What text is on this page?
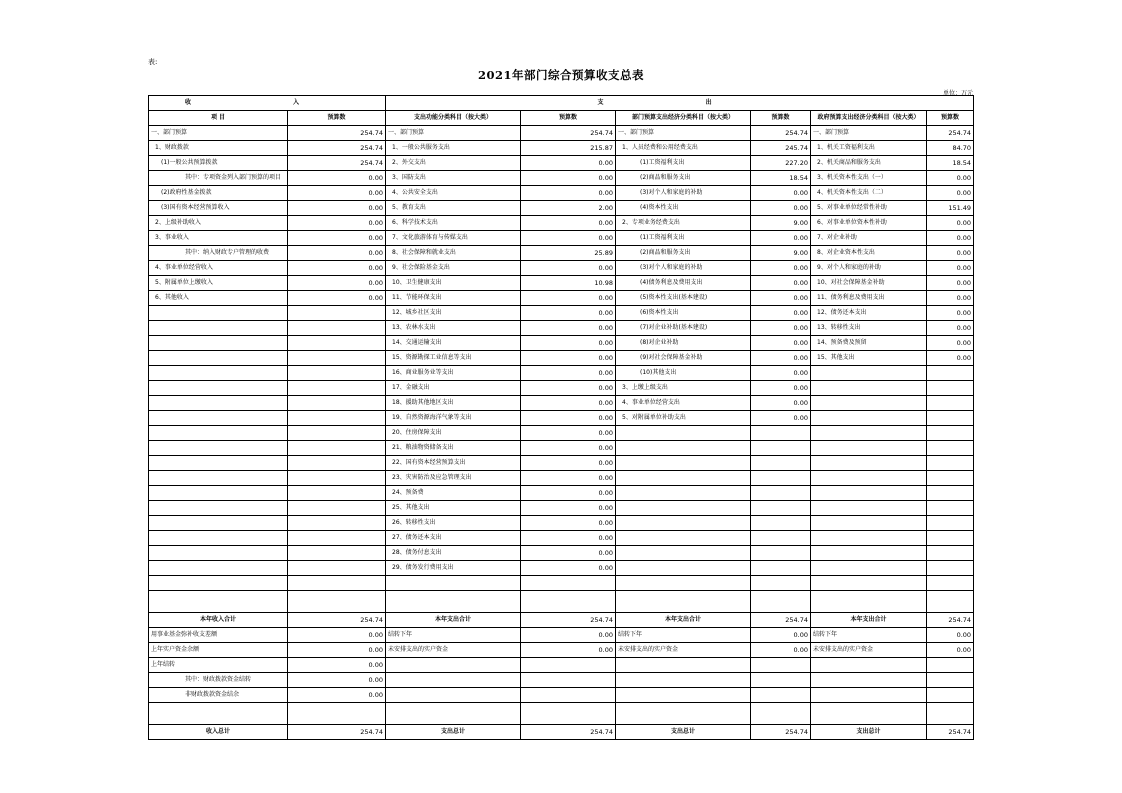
表:
2021年部门综合预算收支总表
单位：万元
收 入		支 出					
项 目	预算数	支出功能分类科目（按大类）	预算数	部门预算支出经济分类科目（按大类）	预算数	政府预算支出经济分类科目（按大类）	预算数
一、部门预算	254.74	一、部门预算	254.74	一、部门预算	254.74	一、部门预算	254.74
1、财政拨款	254.74	1、一般公共服务支出	215.87	1、人员经费和公用经费支出	245.74	1、机关工资福利支出	84.70
(1)一般公共预算拨款	254.74	2、外交支出	0.00	(1)工资福利支出	227.20	2、机关商品和服务支出	18.54
其中：专项资金列入部门预算的项目	0.00	3、国防支出	0.00	(2)商品和服务支出	18.54	3、机关资本性支出（一）	0.00
(2)政府性基金拨款	0.00	4、公共安全支出	0.00	(3)对个人和家庭的补助	0.00	4、机关资本性支出（二）	0.00
(3)国有资本经营预算收入	0.00	5、教育支出	2.00	(4)资本性支出	0.00	5、对事业单位经常性补助	151.49
2、上级补助收入	0.00	6、科学技术支出	0.00	2、专项业务经费支出	9.00	6、对事业单位资本性补助	0.00
3、事业收入	0.00	7、文化旅游体育与传媒支出	0.00	(1)工资福利支出	0.00	7、对企业补助	0.00
其中：纳入财政专户管理的收费	0.00	8、社会保障和就业支出	25.89	(2)商品和服务支出	9.00	8、对企业资本性支出	0.00
4、事业单位经营收入	0.00	9、社会保险基金支出	0.00	(3)对个人和家庭的补助	0.00	9、对个人和家庭的补助	0.00
5、附属单位上缴收入	0.00	10、卫生健康支出	10.98	(4)债务利息及费用支出	0.00	10、对社会保障基金补助	0.00
6、其他收入	0.00	11、节能环保支出	0.00	(5)资本性支出(基本建设)	0.00	11、债务利息及费用支出	0.00
		12、城乡社区支出	0.00	(6)资本性支出	0.00	12、债务还本支出	0.00
		13、农林水支出	0.00	(7)对企业补助(基本建设)	0.00	13、转移性支出	0.00
		14、交通运输支出	0.00	(8)对企业补助	0.00	14、预备费及预留	0.00
		15、资源勘探工业信息等支出	0.00	(9)对社会保障基金补助	0.00	15、其他支出	0.00
		16、商业服务业等支出	0.00	(10)其他支出	0.00		
		17、金融支出	0.00	3、上缴上级支出	0.00		
		18、援助其他地区支出	0.00	4、事业单位经营支出	0.00		
		19、自然资源海洋气象等支出	0.00	5、对附属单位补助支出	0.00		
		20、住房保障支出	0.00				
		21、粮油物资储备支出	0.00				
		22、国有资本经营预算支出	0.00				
		23、灾害防治及应急管理支出	0.00				
		24、预备费	0.00				
		25、其他支出	0.00				
		26、转移性支出	0.00				
		27、债务还本支出	0.00				
		28、债务付息支出	0.00				
		29、债务发行费用支出	0.00				

本年收入合计	254.74	本年支出合计	254.74	本年支出合计	254.74	本年支出合计	254.74
用事业基金弥补收支差额	0.00	结转下年	0.00	结转下年	0.00	结转下年	0.00
上年实户资金余额	0.00	未安排支出的实户资金	0.00	未安排支出的实户资金	0.00	未安排支出的实户资金	0.00
上年结转	0.00						
其中：财政拨款资金结转	0.00						
非财政拨款资金结余	0.00						

收入总计	254.74	支出总计	254.74	支出总计	254.74	支出总计	254.74
